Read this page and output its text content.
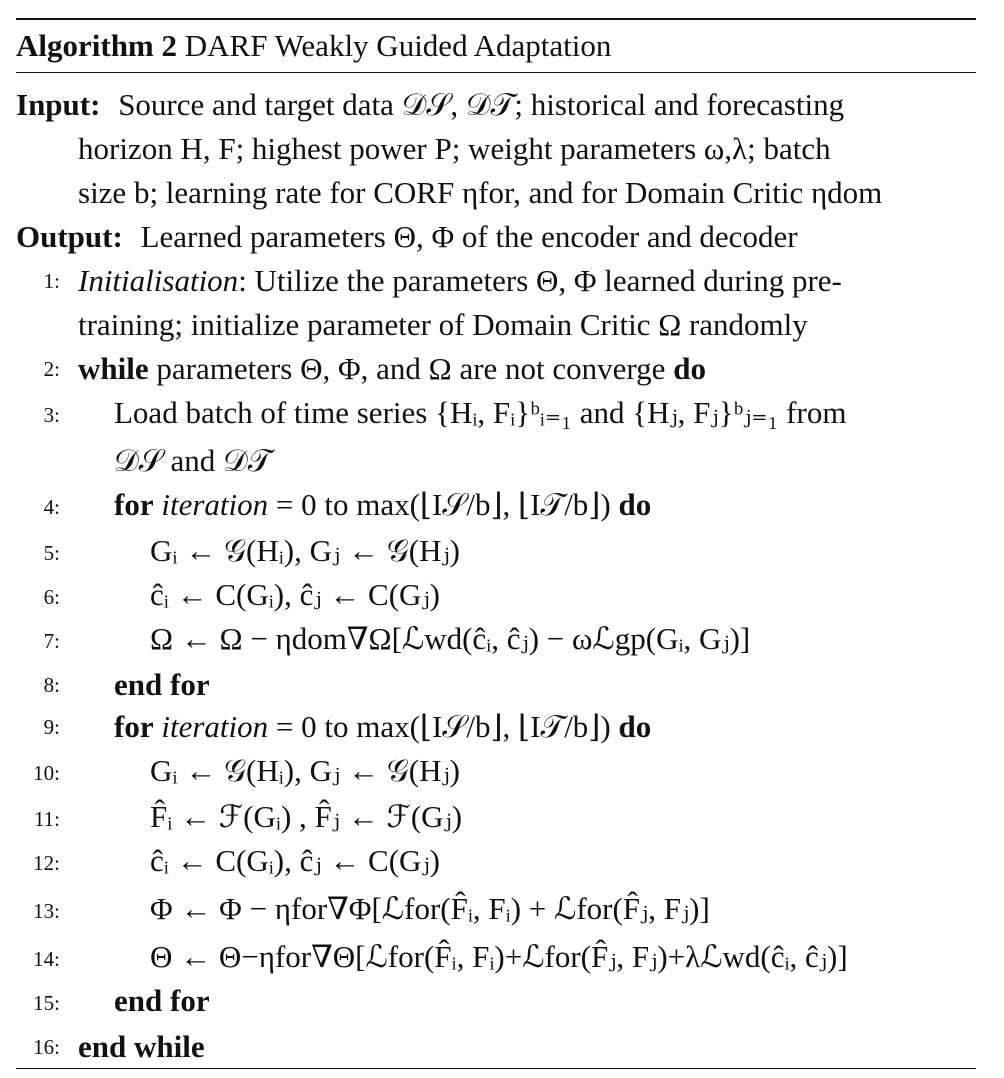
Algorithm 2 DARF Weakly Guided Adaptation
Input: Source and target data 𝒟𝒮, 𝒟𝒯; historical and forecasting
horizon H, F; highest power P; weight parameters ω,λ; batch
size b; learning rate for CORF ηfor, and for Domain Critic ηdom
Output: Learned parameters Θ, Φ of the encoder and decoder
1: Initialisation: Utilize the parameters Θ, Φ learned during pre-
training; initialize parameter of Domain Critic Ω randomly
2: while parameters Θ, Φ, and Ω are not converge do
3: Load batch of time series {Hᵢ, Fᵢ}ᵇᵢ₌₁ and {Hⱼ, Fⱼ}ᵇⱼ₌₁ from
𝒟𝒮 and 𝒟𝒯
4: for iteration = 0 to max(⌊I𝒮/b⌋, ⌊I𝒯/b⌋) do
5:	Gᵢ ← 𝒢(Hᵢ), Gⱼ ← 𝒢(Hⱼ)
6:	ĉᵢ ← C(Gᵢ), ĉⱼ ← C(Gⱼ)
7:	Ω ← Ω − ηdom∇Ω[ℒwd(ĉᵢ, ĉⱼ) − ωℒgp(Gᵢ, Gⱼ)]
8: end for
9: for iteration = 0 to max(⌊I𝒮/b⌋, ⌊I𝒯/b⌋) do
10:	Gᵢ ← 𝒢(Hᵢ), Gⱼ ← 𝒢(Hⱼ)
11:	F̂ᵢ ← ℱ(Gᵢ) , F̂ⱼ ← ℱ(Gⱼ)
12:	ĉᵢ ← C(Gᵢ), ĉⱼ ← C(Gⱼ)
13:	Φ ← Φ − ηfor∇Φ[ℒfor(F̂ᵢ, Fᵢ) + ℒfor(F̂ⱼ, Fⱼ)]
14:	Θ ← Θ−ηfor∇Θ[ℒfor(F̂ᵢ, Fᵢ)+ℒfor(F̂ⱼ, Fⱼ)+λℒwd(ĉᵢ, ĉⱼ)]
15: end for
16: end while
